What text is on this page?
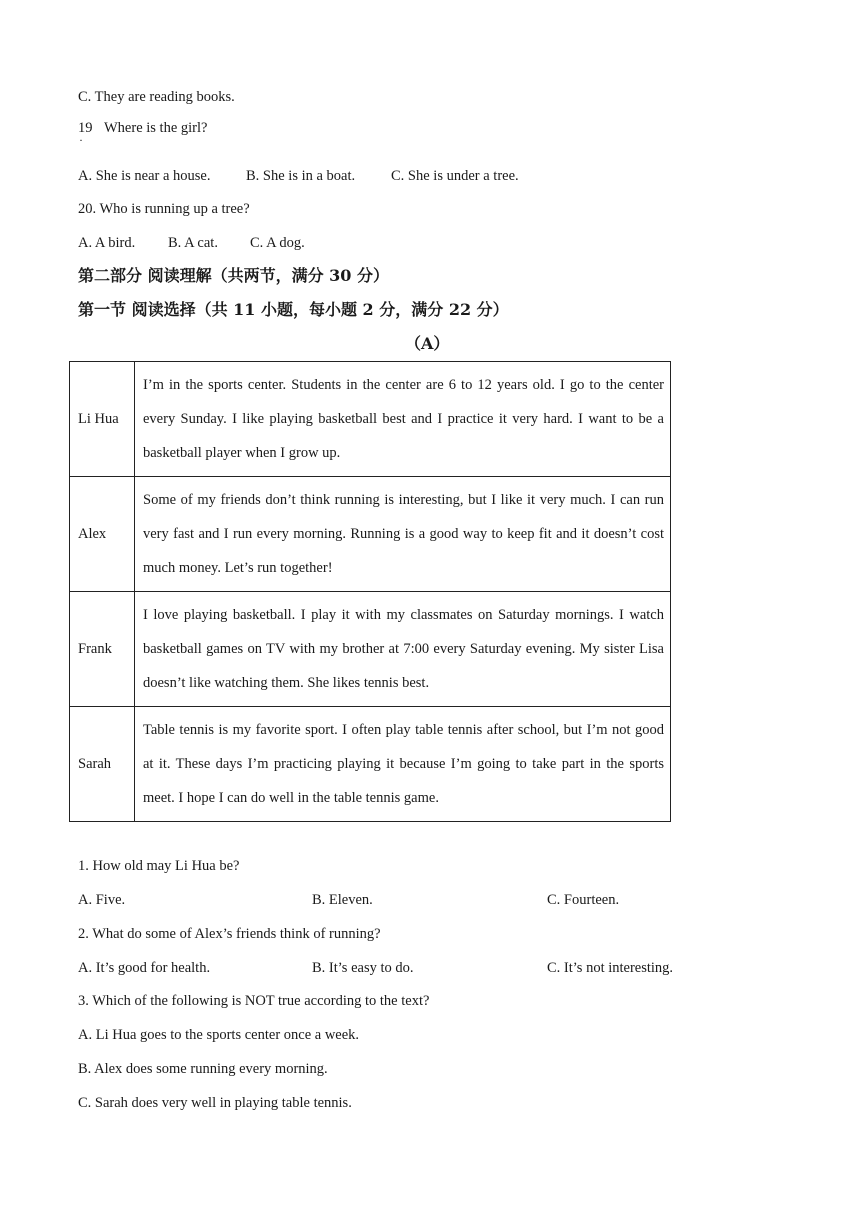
C. They are reading books.
19
·
Where is the girl?
A. She is near a house. B. She is in a boat. C. She is under a tree.
20. Who is running up a tree?
A. A bird. B. A cat. C. A dog.
第二部分 阅读理解（共两节，满分 30 分）
第一节 阅读选择（共 11 小题，每小题 2 分，满分 22 分）
（A）
Li Hua	I’m in the sports center. Students in the center are 6 to 12 years old. I go to the center every Sunday. I like playing basketball best and I practice it very hard. I want to be a basketball player when I grow up.
Alex	Some of my friends don’t think running is interesting, but I like it very much. I can run very fast and I run every morning. Running is a good way to keep fit and it doesn’t cost much money. Let’s run together!
Frank	I love playing basketball. I play it with my classmates on Saturday mornings. I watch basketball games on TV with my brother at 7:00 every Saturday evening. My sister Lisa doesn’t like watching them. She likes tennis best.
Sarah	Table tennis is my favorite sport. I often play table tennis after school, but I’m not good at it. These days I’m practicing playing it because I’m going to take part in the sports meet. I hope I can do well in the table tennis game.
1. How old may Li Hua be?
A. Five.	B. Eleven.	C. Fourteen.
2. What do some of Alex’s friends think of running?
A. It’s good for health.	B. It’s easy to do.	C. It’s not interesting.
3. Which of the following is NOT true according to the text?
A. Li Hua goes to the sports center once a week.
B. Alex does some running every morning.
C. Sarah does very well in playing table tennis.
